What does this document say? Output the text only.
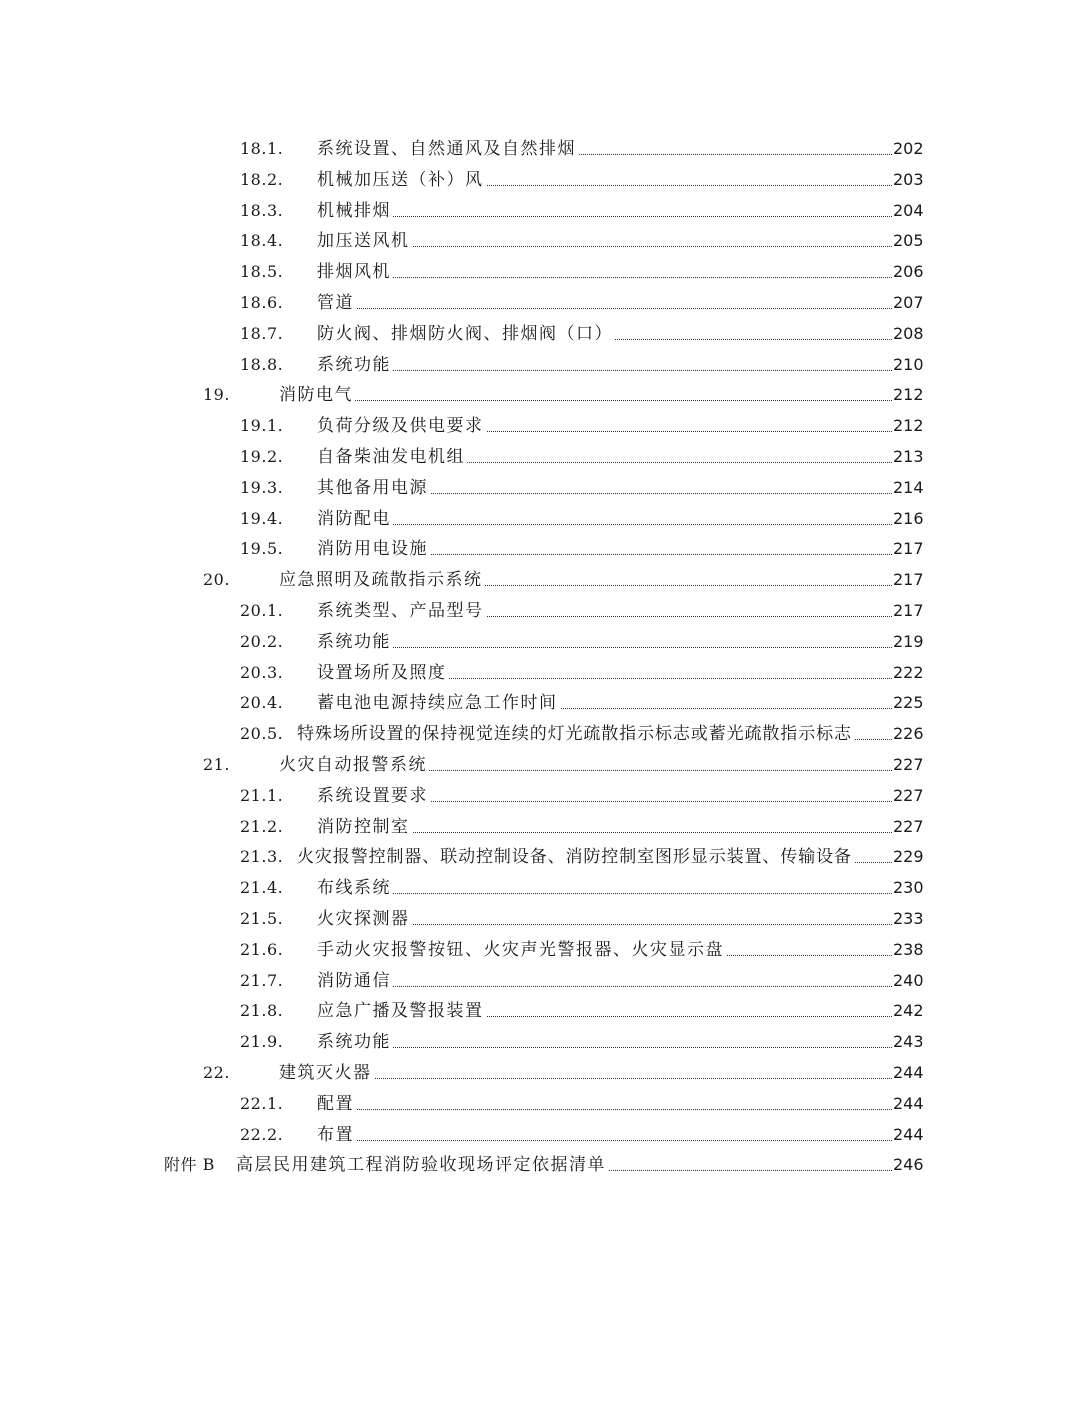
18.1. 系统设置、自然通风及自然排烟	202
18.2. 机械加压送（补）风	203
18.3. 机械排烟	204
18.4. 加压送风机	205
18.5. 排烟风机	206
18.6. 管道	207
18.7. 防火阀、排烟防火阀、排烟阀（口）	208
18.8. 系统功能	210
19.	消防电气	212
19.1. 负荷分级及供电要求	212
19.2. 自备柴油发电机组	213
19.3. 其他备用电源	214
19.4. 消防配电	216
19.5. 消防用电设施	217
20.	应急照明及疏散指示系统	217
20.1. 系统类型、产品型号	217
20.2. 系统功能	219
20.3. 设置场所及照度	222
20.4. 蓄电池电源持续应急工作时间	225
20.5. 特殊场所设置的保持视觉连续的灯光疏散指示标志或蓄光疏散指示标志	226
21.	火灾自动报警系统	227
21.1. 系统设置要求	227
21.2. 消防控制室	227
21.3. 火灾报警控制器、联动控制设备、消防控制室图形显示装置、传输设备	229
21.4. 布线系统	230
21.5. 火灾探测器	233
21.6. 手动火灾报警按钮、火灾声光警报器、火灾显示盘	238
21.7. 消防通信	240
21.8. 应急广播及警报装置	242
21.9. 系统功能	243
22.	建筑灭火器	244
22.1. 配置	244
22.2. 布置	244
附件 B 高层民用建筑工程消防验收现场评定依据清单	246
